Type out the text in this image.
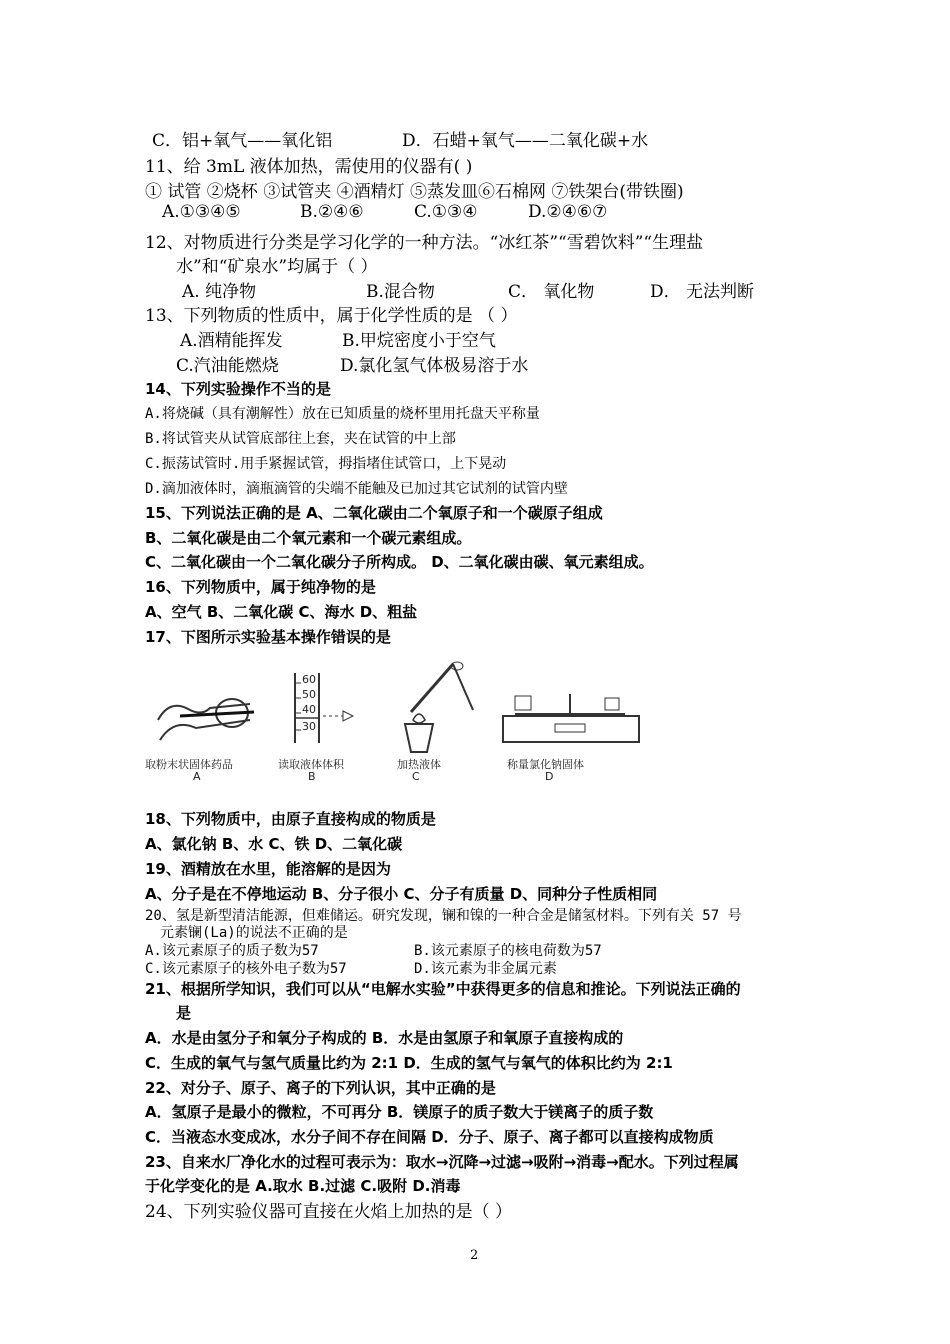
C．铝+氧气——氧化铝	D．石蜡+氧气——二氧化碳+水
11、给 3mL 液体加热，需使用的仪器有( )
① 试管 ②烧杯 ③试管夹 ④酒精灯 ⑤蒸发皿⑥石棉网 ⑦铁架台(带铁圈)
A.①③④⑤	B.②④⑥	C.①③④	D.②④⑥⑦
12、对物质进行分类是学习化学的一种方法。“冰红茶”“雪碧饮料”“生理盐
水”和“矿泉水”均属于（ ）
A. 纯净物	B.混合物	C． 氧化物	D． 无法判断
13、下列物质的性质中，属于化学性质的是 （ ）
A.酒精能挥发	B.甲烷密度小于空气
C.汽油能燃烧	D.氯化氢气体极易溶于水
14、下列实验操作不当的是
A.将烧碱（具有潮解性）放在已知质量的烧杯里用托盘天平称量
B.将试管夹从试管底部往上套，夹在试管的中上部
C.振荡试管时.用手紧握试管，拇指堵住试管口，上下晃动
D.滴加液体时，滴瓶滴管的尖端不能触及已加过其它试剂的试管内壁
15、下列说法正确的是 A、二氧化碳由二个氧原子和一个碳原子组成
B、二氧化碳是由二个氧元素和一个碳元素组成。
C、二氧化碳由一个二氧化碳分子所构成。 D、二氧化碳由碳、氧元素组成。
16、下列物质中，属于纯净物的是
A、空气 B、二氧化碳 C、海水 D、粗盐
17、下图所示实验基本操作错误的是
取粉末状固体药品
A
60
50
40
30
读取液体体积
B
加热液体
C
称量氯化钠固体
D
18、下列物质中，由原子直接构成的物质是
A、氯化钠 B、水 C、铁 D、二氧化碳
19、酒精放在水里，能溶解的是因为
A、分子是在不停地运动 B、分子很小 C、分子有质量 D、同种分子性质相同
20、氢是新型清洁能源，但难储运。研究发现，镧和镍的一种合金是储氢材料。下列有关 57 号
元素镧(La)的说法不正确的是
A.该元素原子的质子数为57	B.该元素原子的核电荷数为57
C.该元素原子的核外电子数为57	D.该元素为非金属元素
21、根据所学知识，我们可以从“电解水实验”中获得更多的信息和推论。下列说法正确的
是
A．水是由氢分子和氧分子构成的 B．水是由氢原子和氧原子直接构成的
C．生成的氧气与氢气质量比约为 2:1 D．生成的氢气与氧气的体积比约为 2:1
22、对分子、原子、离子的下列认识，其中正确的是
A．氢原子是最小的微粒，不可再分 B．镁原子的质子数大于镁离子的质子数
C．当液态水变成冰，水分子间不存在间隔 D．分子、原子、离子都可以直接构成物质
23、自来水厂净化水的过程可表示为：取水→沉降→过滤→吸附→消毒→配水。下列过程属
于化学变化的是 A.取水 B.过滤 C.吸附 D.消毒
24、下列实验仪器可直接在火焰上加热的是（ ）
2
